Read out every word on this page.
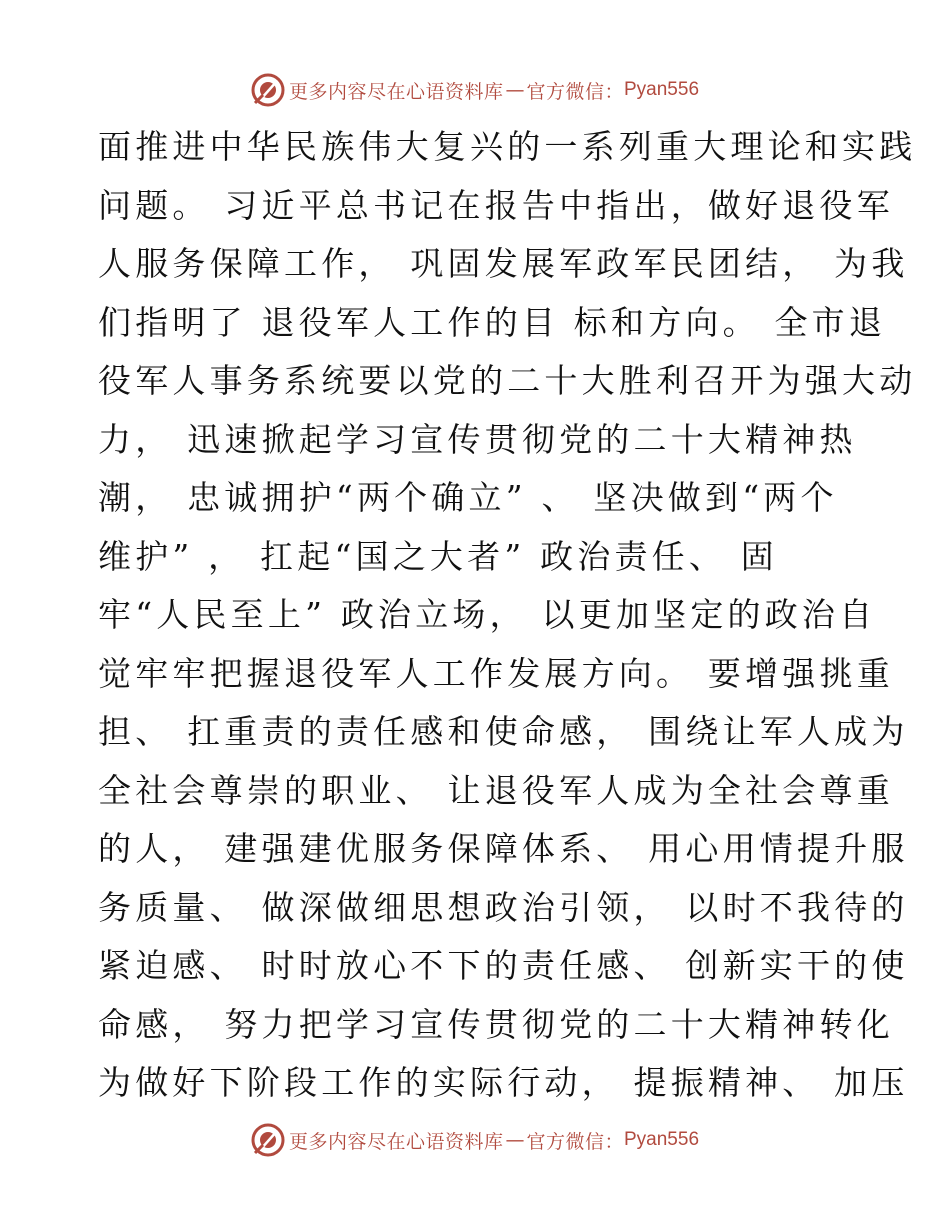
更多内容尽在心语资料库 — 官方微信： Pyan556
面推进中华民族伟大复兴的一系列重大理论和实践
问题。 习近平总书记在报告中指出，做好退役军
人服务保障工作， 巩固发展军政军民团结， 为我
们指明了 退役军人工作的目 标和方向。 全市退
役军人事务系统要以党的二十大胜利召开为强大动
力， 迅速掀起学习宣传贯彻党的二十大精神热
潮， 忠诚拥护“两个确立” 、 坚决做到“两个
维护” ， 扛起“国之大者” 政治责任、 固
牢“人民至上” 政治立场， 以更加坚定的政治自
觉牢牢把握退役军人工作发展方向。 要增强挑重
担、 扛重责的责任感和使命感， 围绕让军人成为
全社会尊崇的职业、 让退役军人成为全社会尊重
的人， 建强建优服务保障体系、 用心用情提升服
务质量、 做深做细思想政治引领， 以时不我待的
紧迫感、 时时放心不下的责任感、 创新实干的使
命感， 努力把学习宣传贯彻党的二十大精神转化
为做好下阶段工作的实际行动， 提振精神、 加压
更多内容尽在心语资料库 — 官方微信： Pyan556
